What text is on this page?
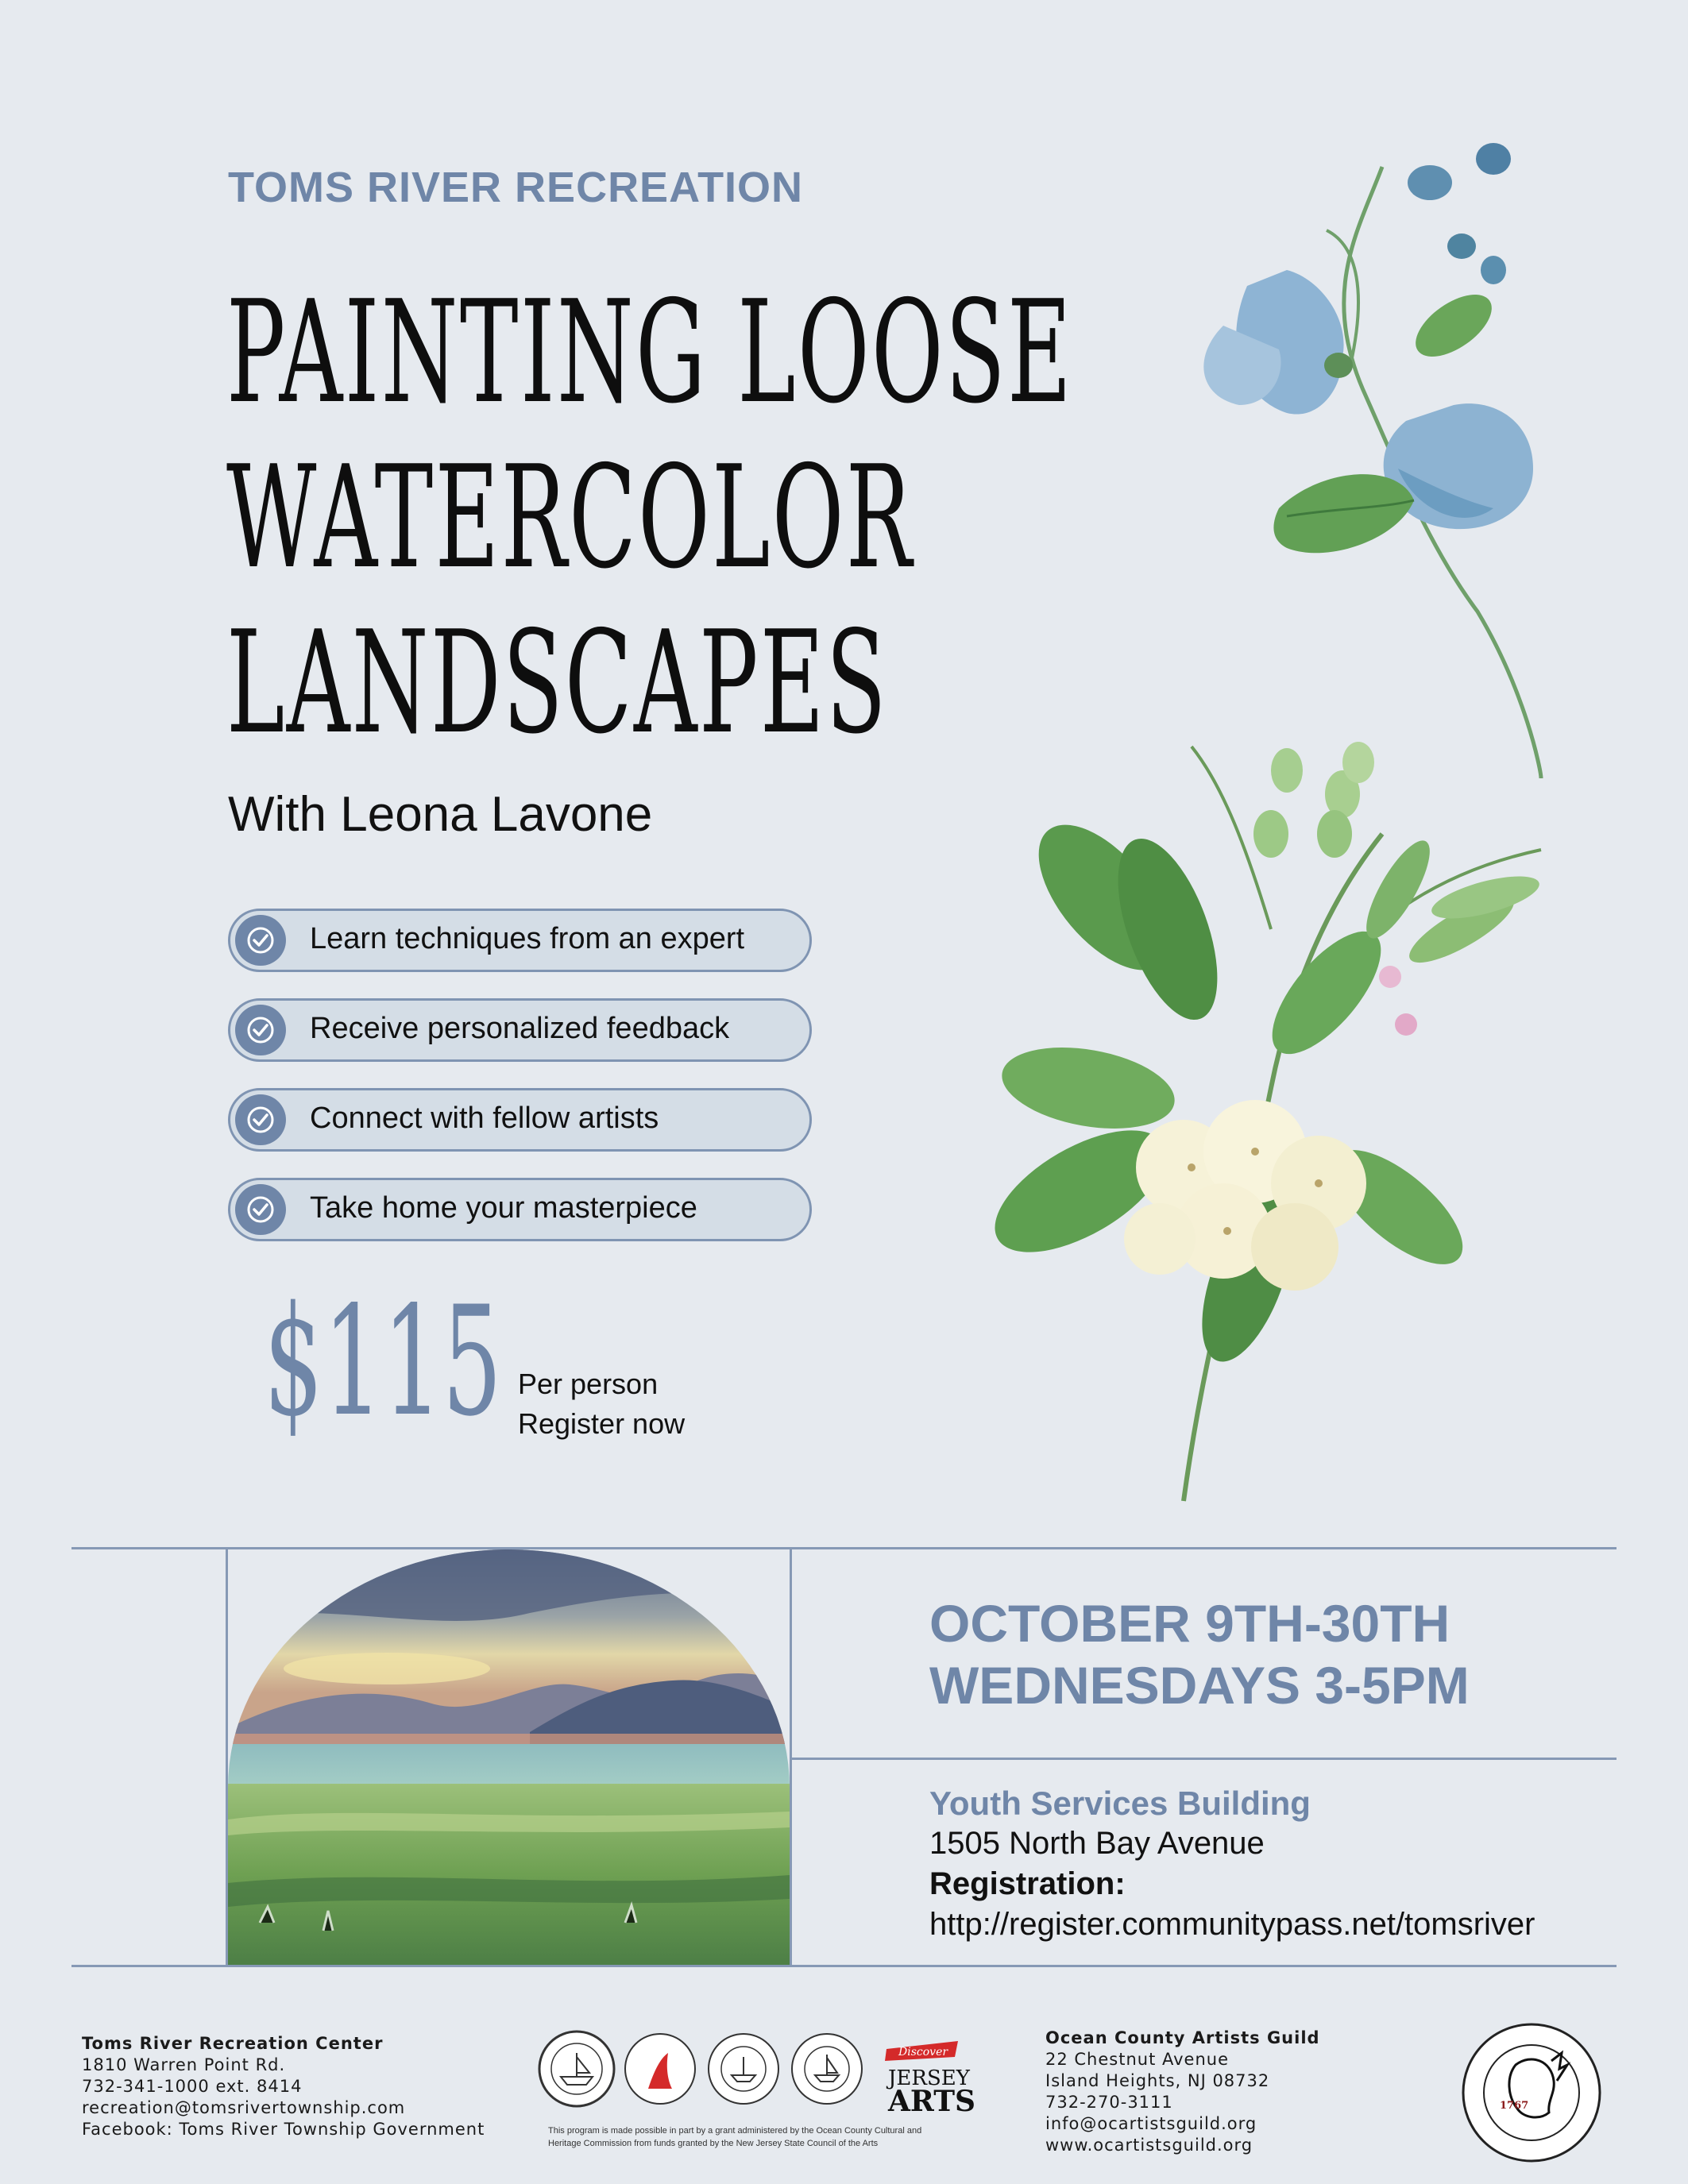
TOMS RIVER RECREATION
PAINTING LOOSE
WATERCOLOR
LANDSCAPES
With Leona Lavone
Learn techniques from an expert
Receive personalized feedback
Connect with fellow artists
Take home your masterpiece
$115 Per person
Register now
OCTOBER 9TH-30TH
WEDNESDAYS 3-5PM
Youth Services Building
1505 North Bay Avenue
Registration:
http://register.communitypass.net/tomsriver
Toms River Recreation Center
1810 Warren Point Rd.
732-341-1000 ext. 8414
recreation@tomsrivertownship.com
Facebook: Toms River Township Government
Discover
JERSEY
ARTS
This program is made possible in part by a grant administered by the Ocean County Cultural and
Heritage Commission from funds granted by the New Jersey State Council of the Arts
Ocean County Artists Guild
22 Chestnut Avenue
Island Heights, NJ 08732
732-270-3111
info@ocartistsguild.org
www.ocartistsguild.org
1767
